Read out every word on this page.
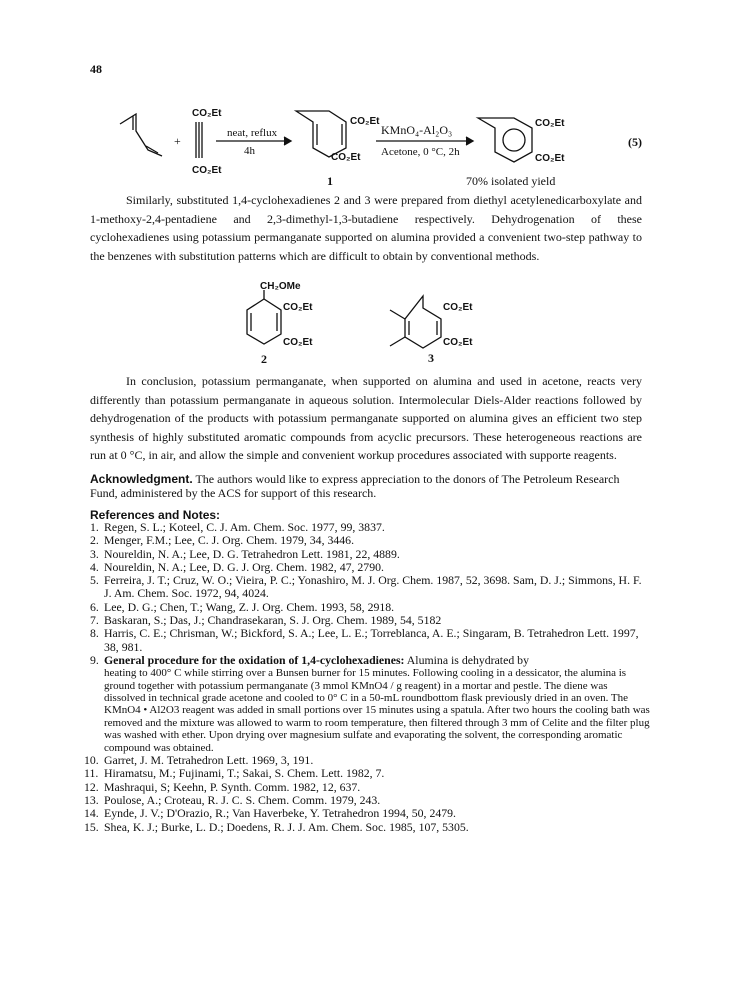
48
CO₂Et
CO₂Et
+
neat, reflux
4h
CO₂Et
CO₂Et
KMnO₄-Al₂O₃
Acetone, 0 °C, 2h
CO₂Et
CO₂Et
1	70% isolated yield
(5)
Similarly, substituted 1,4-cyclohexadienes 2 and 3 were prepared from diethyl acetylenedicarboxylate and
1-methoxy-2,4-pentadiene and 2,3-dimethyl-1,3-butadiene respectively. Dehydrogenation of these
cyclohexadienes using potassium permanganate supported on alumina provided a convenient two-step pathway to
the benzenes with substitution patterns which are difficult to obtain by conventional methods.
CH₂OMe
CO₂Et
CO₂Et
CO₂Et
CO₂Et
2	3
In conclusion, potassium permanganate, when supported on alumina and used in acetone, reacts very
differently than potassium permanganate in aqueous solution. Intermolecular Diels-Alder reactions followed by
dehydrogenation of the products with potassium permanganate supported on alumina gives an efficient two step
synthesis of highly substituted aromatic compounds from acyclic precursors. These heterogeneous reactions are
run at 0 °C, in air, and allow the simple and convenient workup procedures associated with supporte reagents.

Acknowledgment. The authors would like to express appreciation to the donors of The Petroleum Research Fund, administered by the ACS for support of this research.

References and Notes:
1. Regen, S. L.; Koteel, C. J. Am. Chem. Soc. 1977, 99, 3837.
2. Menger, F.M.; Lee, C. J. Org. Chem. 1979, 34, 3446.
3. Noureldin, N. A.; Lee, D. G. Tetrahedron Lett. 1981, 22, 4889.
4. Noureldin, N. A.; Lee, D. G. J. Org. Chem. 1982, 47, 2790.
5. Ferreira, J. T.; Cruz, W. O.; Vieira, P. C.; Yonashiro, M. J. Org. Chem. 1987, 52, 3698. Sam, D. J.; Simmons, H. F. J. Am. Chem. Soc. 1972, 94, 4024.
6. Lee, D. G.; Chen, T.; Wang, Z. J. Org. Chem. 1993, 58, 2918.
7. Baskaran, S.; Das, J.; Chandrasekaran, S. J. Org. Chem. 1989, 54, 5182
8. Harris, C. E.; Chrisman, W.; Bickford, S. A.; Lee, L. E.; Torreblanca, A. E.; Singaram, B. Tetrahedron Lett. 1997, 38, 981.
9. General procedure for the oxidation of 1,4-cyclohexadienes: Alumina is dehydrated by
heating to 400° C while stirring over a Bunsen burner for 15 minutes. Following cooling in a dessicator, the alumina is ground together with potassium permanganate (3 mmol KMnO4 / g reagent) in a mortar and pestle. The diene was dissolved in technical grade acetone and cooled to 0° C in a 50-mL roundbottom flask previously dried in an oven. The KMnO4 • Al2O3 reagent was added in small portions over 15 minutes using a spatula. After two hours the cooling bath was removed and the mixture was allowed to warm to room temperature, then filtered through 3 mm of Celite and the filter plug was washed with ether. Upon drying over magnesium sulfate and evaporating the solvent, the corresponding aromatic compound was obtained.
10. Garret, J. M. Tetrahedron Lett. 1969, 3, 191.
11. Hiramatsu, M.; Fujinami, T.; Sakai, S. Chem. Lett. 1982, 7.
12. Mashraqui, S; Keehn, P. Synth. Comm. 1982, 12, 637.
13. Poulose, A.; Croteau, R. J. C. S. Chem. Comm. 1979, 243.
14. Eynde, J. V.; D'Orazio, R.; Van Haverbeke, Y. Tetrahedron 1994, 50, 2479.
15. Shea, K. J.; Burke, L. D.; Doedens, R. J. J. Am. Chem. Soc. 1985, 107, 5305.
